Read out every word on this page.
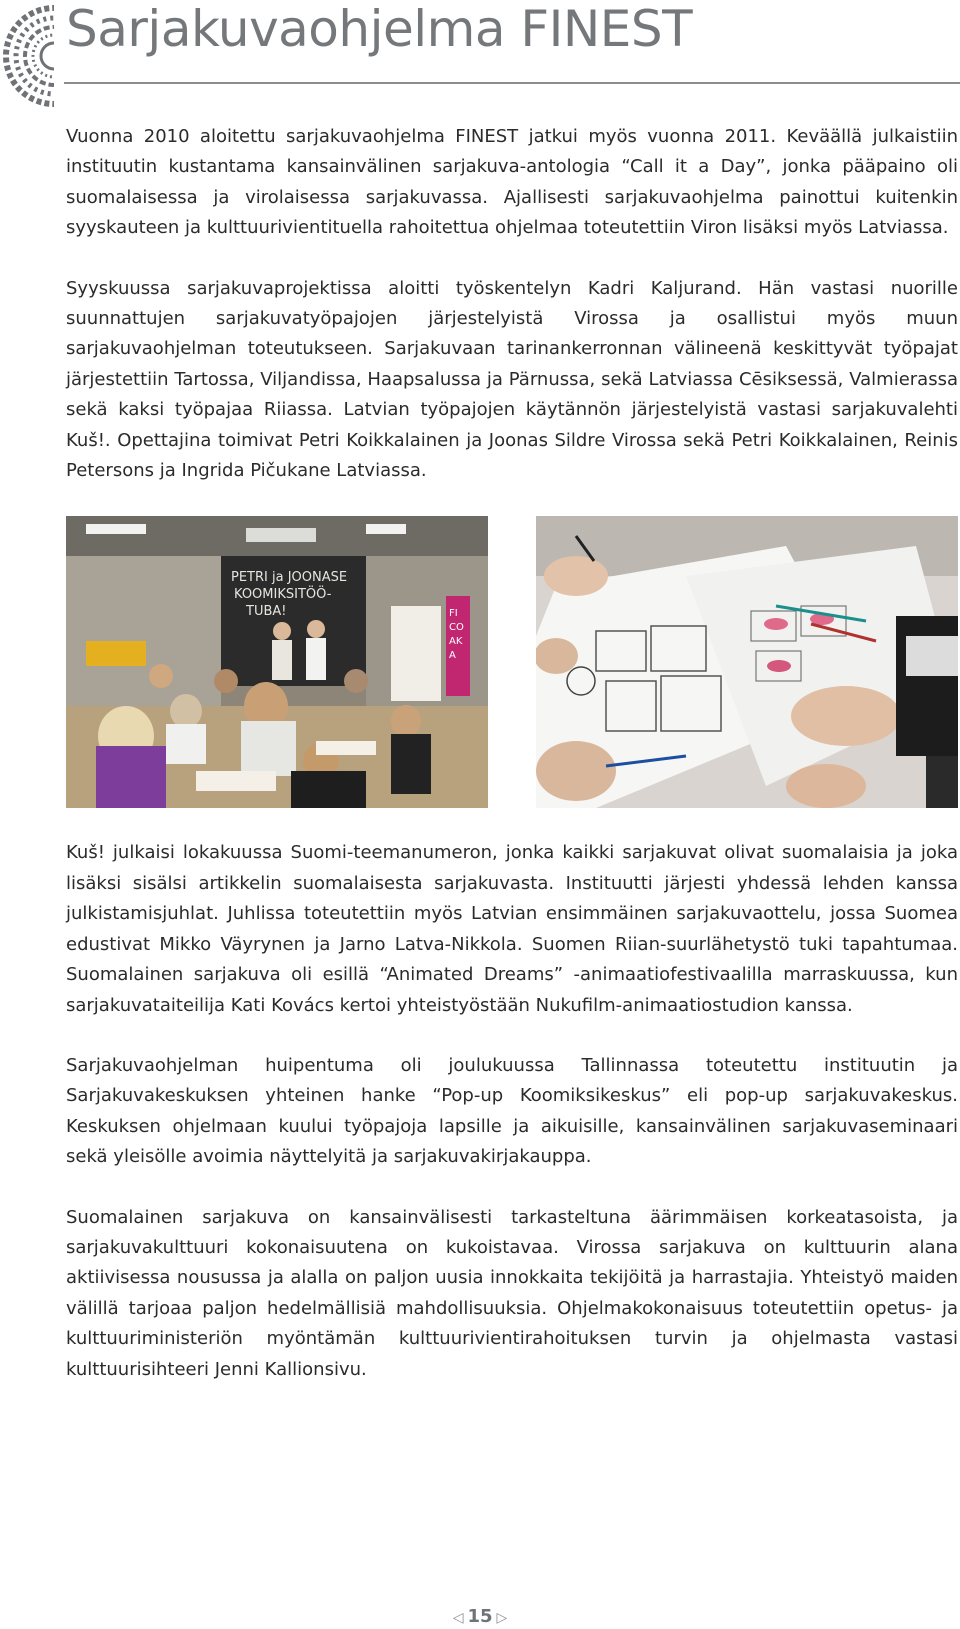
Sarjakuvaohjelma FINEST

Vuonna 2010 aloitettu sarjakuvaohjelma FINEST jatkui myös vuonna 2011. Keväällä julkaistiin instituutin kustantama kansainvälinen sarjakuva-antologia “Call it a Day”, jonka pääpaino oli suomalaisessa ja virolaisessa sarjakuvassa. Ajallisesti sarjakuvaohjelma painottui kuitenkin syyskauteen ja kulttuurivientituella rahoitettua ohjelmaa toteutettiin Viron lisäksi myös Latviassa.

Syyskuussa sarjakuvaprojektissa aloitti työskentelyn Kadri Kaljurand. Hän vastasi nuorille suunnattujen sarjakuvatyöpajojen järjestelyistä Virossa ja osallistui myös muun sarjakuvaohjelman toteutukseen. Sarjakuvaan tarinankerronnan välineenä keskittyvät työpajat järjestettiin Tartossa, Viljandissa, Haapsalussa ja Pärnussa, sekä Latviassa Cēsiksessä, Valmierassa sekä kaksi työpajaa Riiassa. Latvian työpajojen käytännön järjestelyistä vastasi sarjakuvalehti Kuš!. Opettajina toimivat Petri Koikkalainen ja Joonas Sildre Virossa sekä Petri Koikkalainen, Reinis Petersons ja Ingrida Pičukane Latviassa.

PETRI ja JOONASE
KOOMIKSITÖÖ-
TUBA!	FI
CO
AK
A

Kuš! julkaisi lokakuussa Suomi-teemanumeron, jonka kaikki sarjakuvat olivat suomalaisia ja joka lisäksi sisälsi artikkelin suomalaisesta sarjakuvasta. Instituutti järjesti yhdessä lehden kanssa julkistamisjuhlat. Juhlissa toteutettiin myös Latvian ensimmäinen sarjakuvaottelu, jossa Suomea edustivat Mikko Väyrynen ja Jarno Latva-Nikkola. Suomen Riian-suurlähetystö tuki tapahtumaa. Suomalainen sarjakuva oli esillä “Animated Dreams” -animaatiofestivaalilla marraskuussa, kun sarjakuvataiteilija Kati Kovács kertoi yhteistyöstään Nukufilm-animaatiostudion kanssa.

Sarjakuvaohjelman huipentuma oli joulukuussa Tallinnassa toteutettu instituutin ja Sarjakuvakeskuksen yhteinen hanke “Pop-up Koomiksikeskus” eli pop-up sarjakuvakeskus. Keskuksen ohjelmaan kuului työpajoja lapsille ja aikuisille, kansainvälinen sarjakuvaseminaari sekä yleisölle avoimia näyttelyitä ja sarjakuvakirjakauppa.

Suomalainen sarjakuva on kansainvälisesti tarkasteltuna äärimmäisen korkeatasoista, ja sarjakuvakulttuuri kokonaisuutena on kukoistavaa. Virossa sarjakuva on kulttuurin alana aktiivisessa nousussa ja alalla on paljon uusia innokkaita tekijöitä ja harrastajia. Yhteistyö maiden välillä tarjoaa paljon hedelmällisiä mahdollisuuksia. Ohjelmakokonaisuus toteutettiin opetus- ja kulttuuriministeriön myöntämän kulttuurivientirahoituksen turvin ja ohjelmasta vastasi kulttuurisihteeri Jenni Kallionsivu.

◁ 15 ▷
